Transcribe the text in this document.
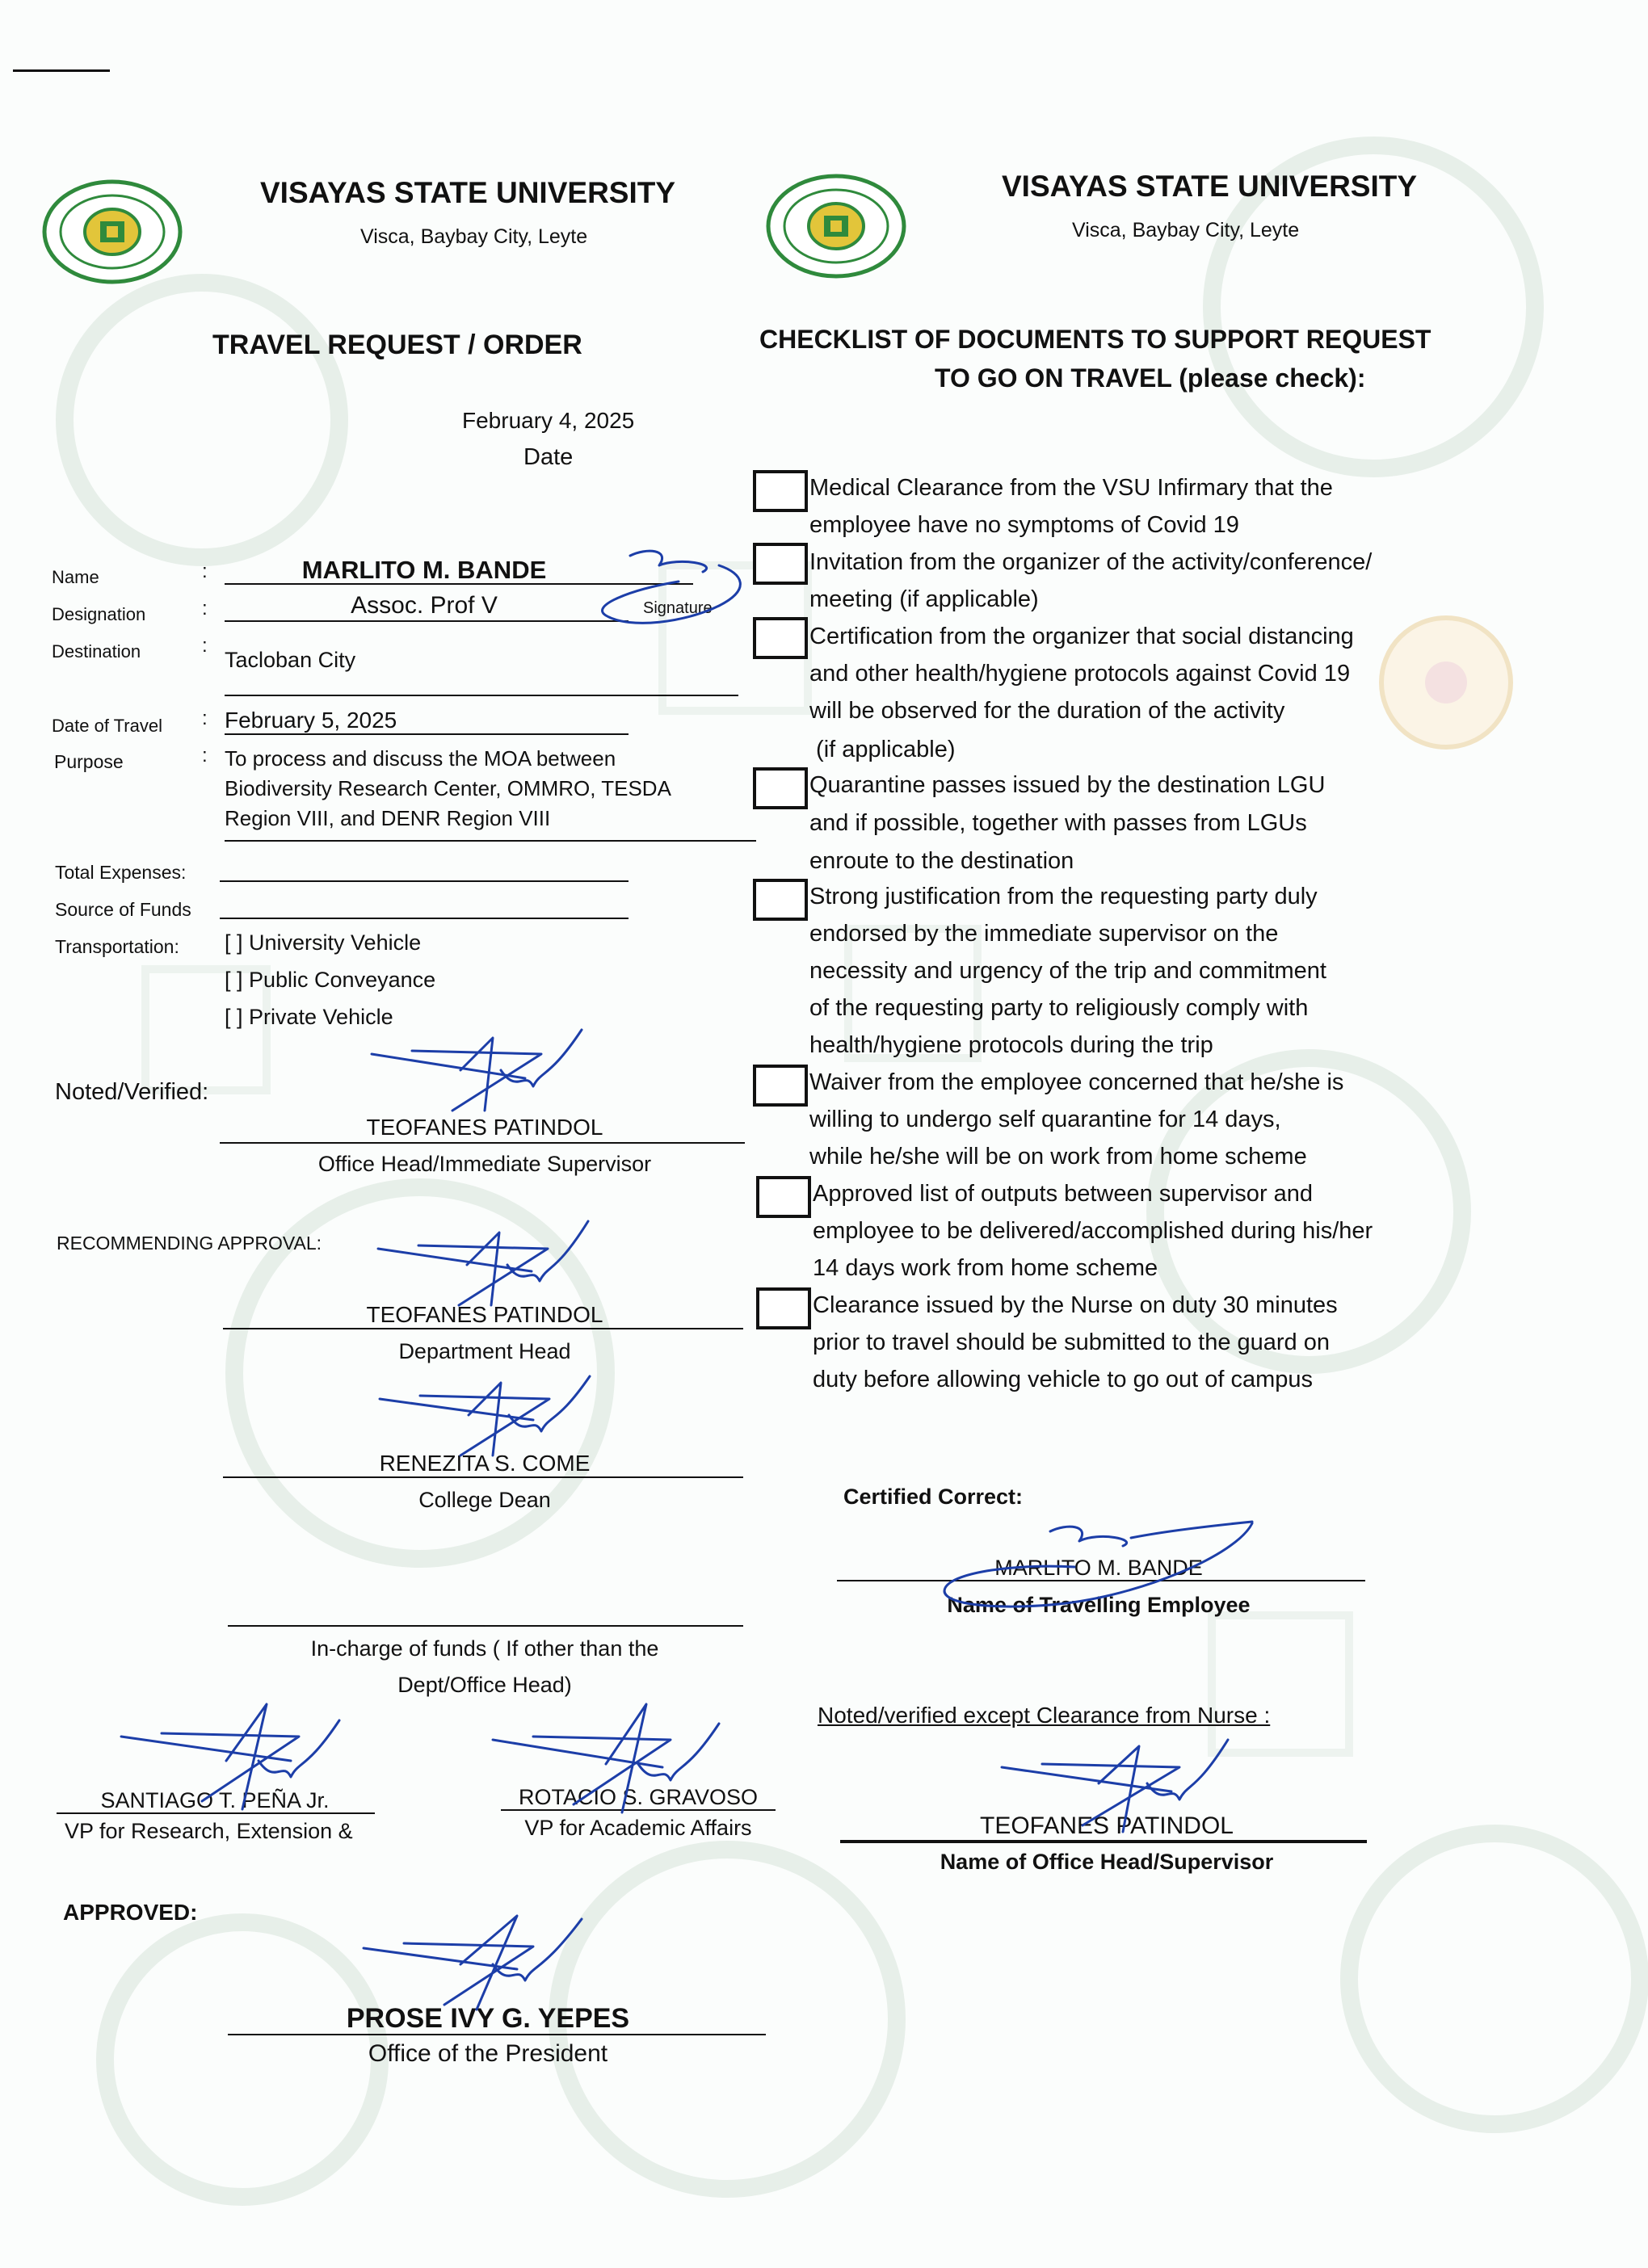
VISAYAS STATE UNIVERSITY
Visca, Baybay City, Leyte
VISAYAS STATE UNIVERSITY
Visca, Baybay City, Leyte
TRAVEL REQUEST / ORDER
February 4, 2025
Date
Name	:	MARLITO M. BANDE
Designation	:	Assoc. Prof V	Signature
Destination	:
Tacloban City
Date of Travel : February 5, 2025
Purpose	: To process and discuss the MOA between
Biodiversity Research Center, OMMRO, TESDA
Region VIII, and DENR Region VIII
Total Expenses:
Source of Funds
Transportation: [ ] University Vehicle
[ ] Public Conveyance
[ ] Private Vehicle
Noted/Verified:
TEOFANES PATINDOL
Office Head/Immediate Supervisor
RECOMMENDING APPROVAL:
TEOFANES PATINDOL
Department Head
RENEZITA S. COME
College Dean
In-charge of funds ( If other than the
Dept/Office Head)
SANTIAGO T. PEÑA Jr.
VP for Research, Extension &
ROTACIO S. GRAVOSO
VP for Academic Affairs
APPROVED:
PROSE IVY G. YEPES
Office of the President
CHECKLIST OF DOCUMENTS TO SUPPORT REQUEST
TO GO ON TRAVEL (please check):
Medical Clearance from the VSU Infirmary that the
employee have no symptoms of Covid 19
Invitation from the organizer of the activity/conference/
meeting (if applicable)
Certification from the organizer that social distancing
and other health/hygiene protocols against Covid 19
will be observed for the duration of the activity
(if applicable)
Quarantine passes issued by the destination LGU
and if possible, together with passes from LGUs
enroute to the destination
Strong justification from the requesting party duly
endorsed by the immediate supervisor on the
necessity and urgency of the trip and commitment
of the requesting party to religiously comply with
health/hygiene protocols during the trip
Waiver from the employee concerned that he/she is
willing to undergo self quarantine for 14 days,
while he/she will be on work from home scheme
Approved list of outputs between supervisor and
employee to be delivered/accomplished during his/her
14 days work from home scheme
Clearance issued by the Nurse on duty 30 minutes
prior to travel should be submitted to the guard on
duty before allowing vehicle to go out of campus
Certified Correct:
MARLITO M. BANDE
Name of Travelling Employee
Noted/verified except Clearance from Nurse :
TEOFANES PATINDOL
Name of Office Head/Supervisor
